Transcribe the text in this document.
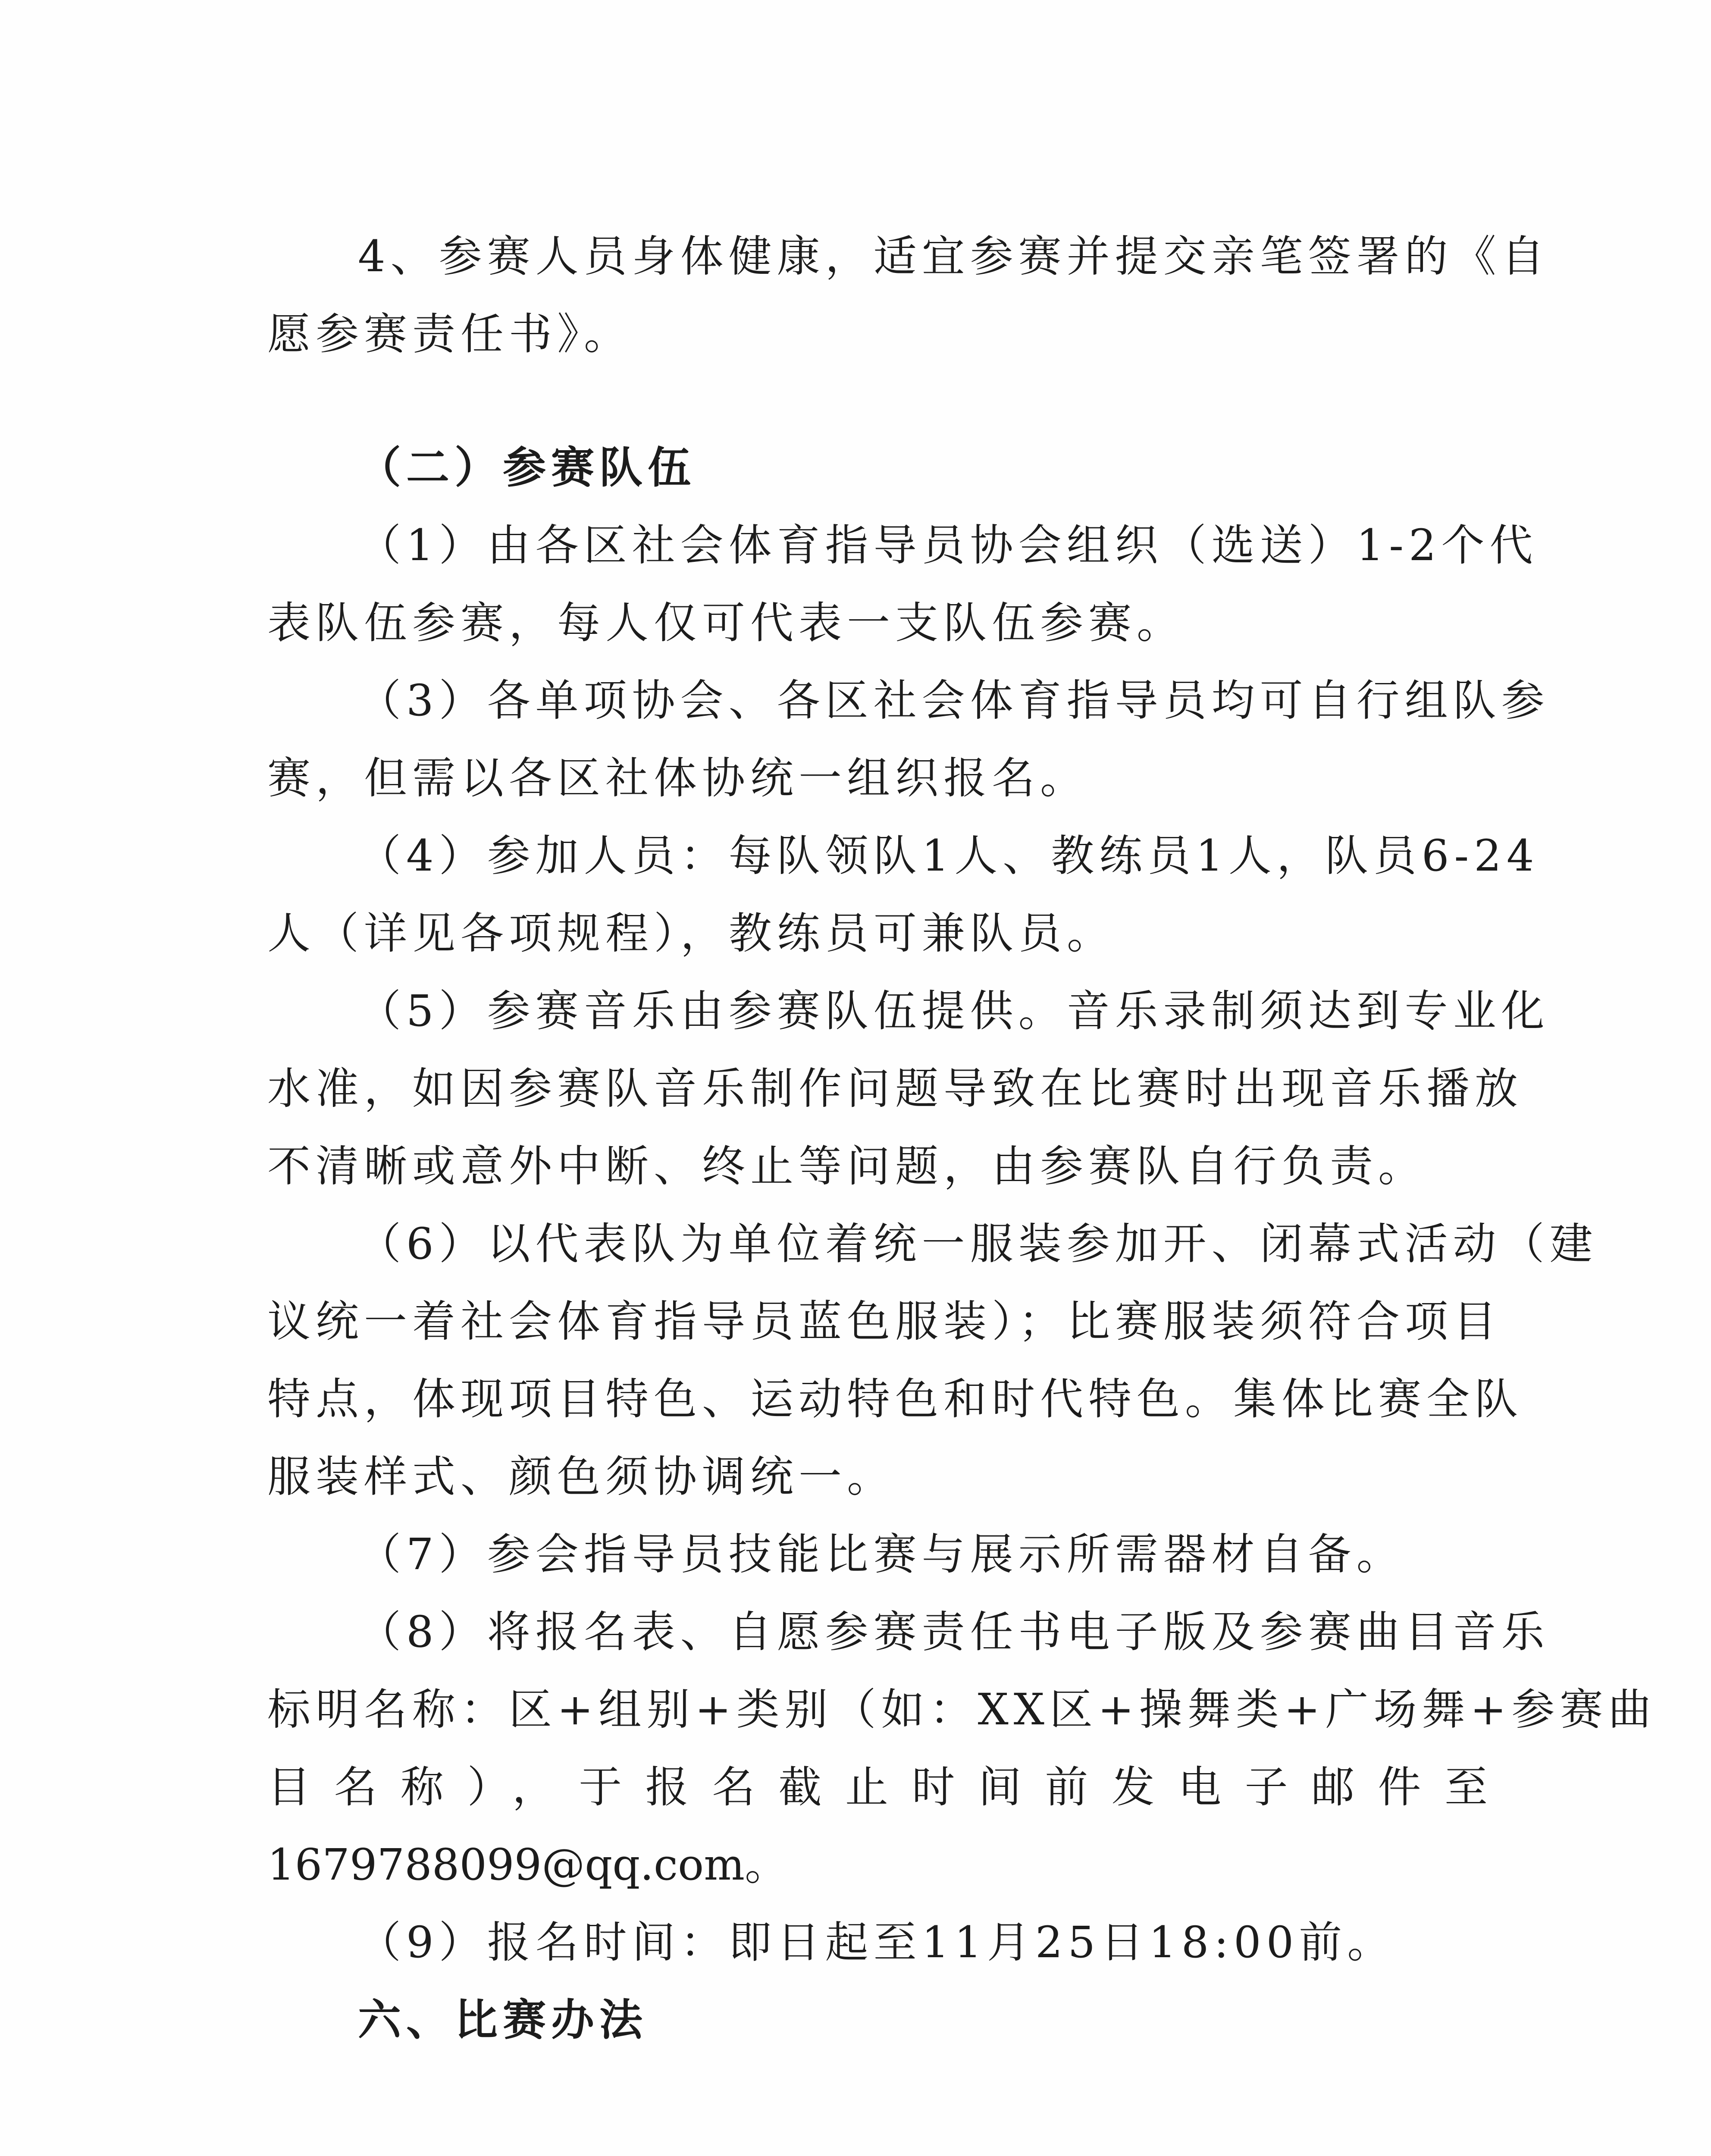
4、参赛人员身体健康，适宜参赛并提交亲笔签署的《自
愿参赛责任书》。
（二）参赛队伍
（1）由各区社会体育指导员协会组织（选送）1-2个代
表队伍参赛，每人仅可代表一支队伍参赛。
（3）各单项协会、各区社会体育指导员均可自行组队参
赛，但需以各区社体协统一组织报名。
（4）参加人员：每队领队1人、教练员1人，队员6-24
人（详见各项规程），教练员可兼队员。
（5）参赛音乐由参赛队伍提供。音乐录制须达到专业化
水准，如因参赛队音乐制作问题导致在比赛时出现音乐播放
不清晰或意外中断、终止等问题，由参赛队自行负责。
（6）以代表队为单位着统一服装参加开、闭幕式活动（建
议统一着社会体育指导员蓝色服装）；比赛服装须符合项目
特点，体现项目特色、运动特色和时代特色。集体比赛全队
服装样式、颜色须协调统一。
（7）参会指导员技能比赛与展示所需器材自备。
（8）将报名表、自愿参赛责任书电子版及参赛曲目音乐
标明名称：区+组别+类别（如：XX区+操舞类+广场舞+参赛曲
目名称），于报名截止时间前发电子邮件至
1679788099@qq.com。
（9）报名时间：即日起至11月25日18:00前。
六、比赛办法
